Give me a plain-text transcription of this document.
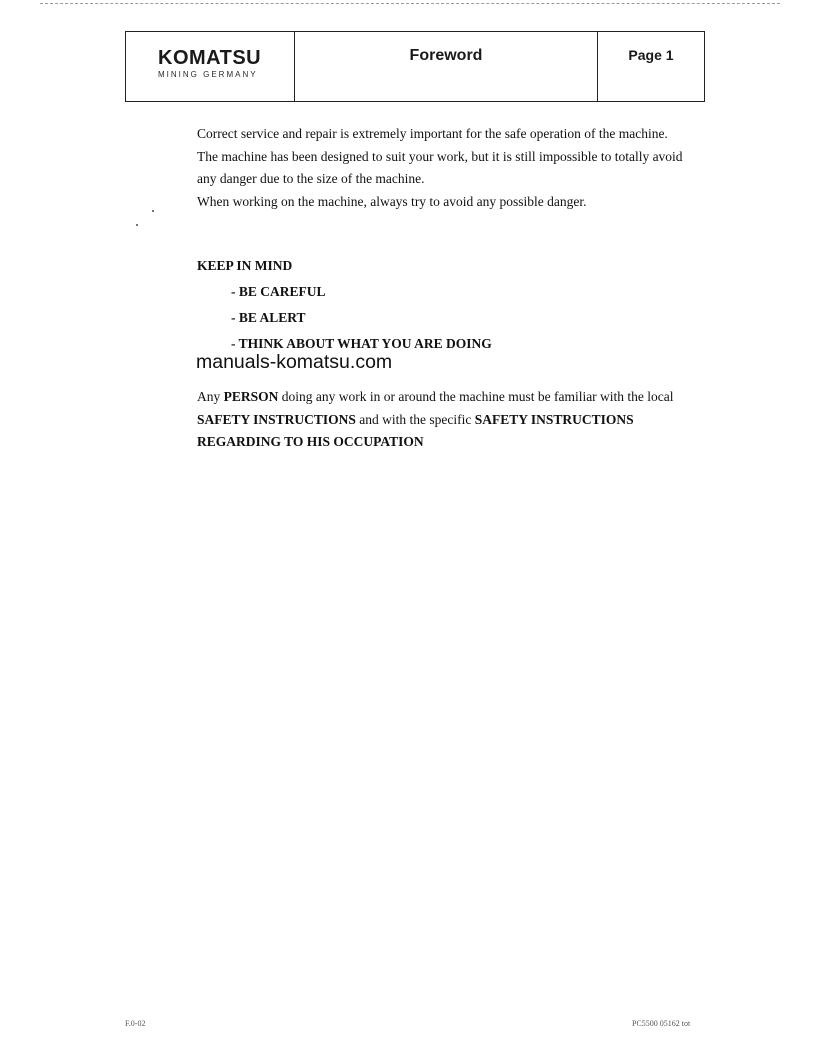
KOMATSU
MINING GERMANY
Foreword	Page 1
Correct service and repair is extremely important for the safe operation of the machine.
The machine has been designed to suit your work, but it is still impossible to totally avoid any danger due to the size of the machine.
When working on the machine, always try to avoid any possible danger.
KEEP IN MIND
- BE CAREFUL
- BE ALERT
- THINK ABOUT WHAT YOU ARE DOING
manuals-komatsu.com
Any PERSON doing any work in or around the machine must be familiar with the local SAFETY INSTRUCTIONS and with the specific SAFETY INSTRUCTIONS REGARDING TO HIS OCCUPATION
F.0-02	PC5500 05162 tot
